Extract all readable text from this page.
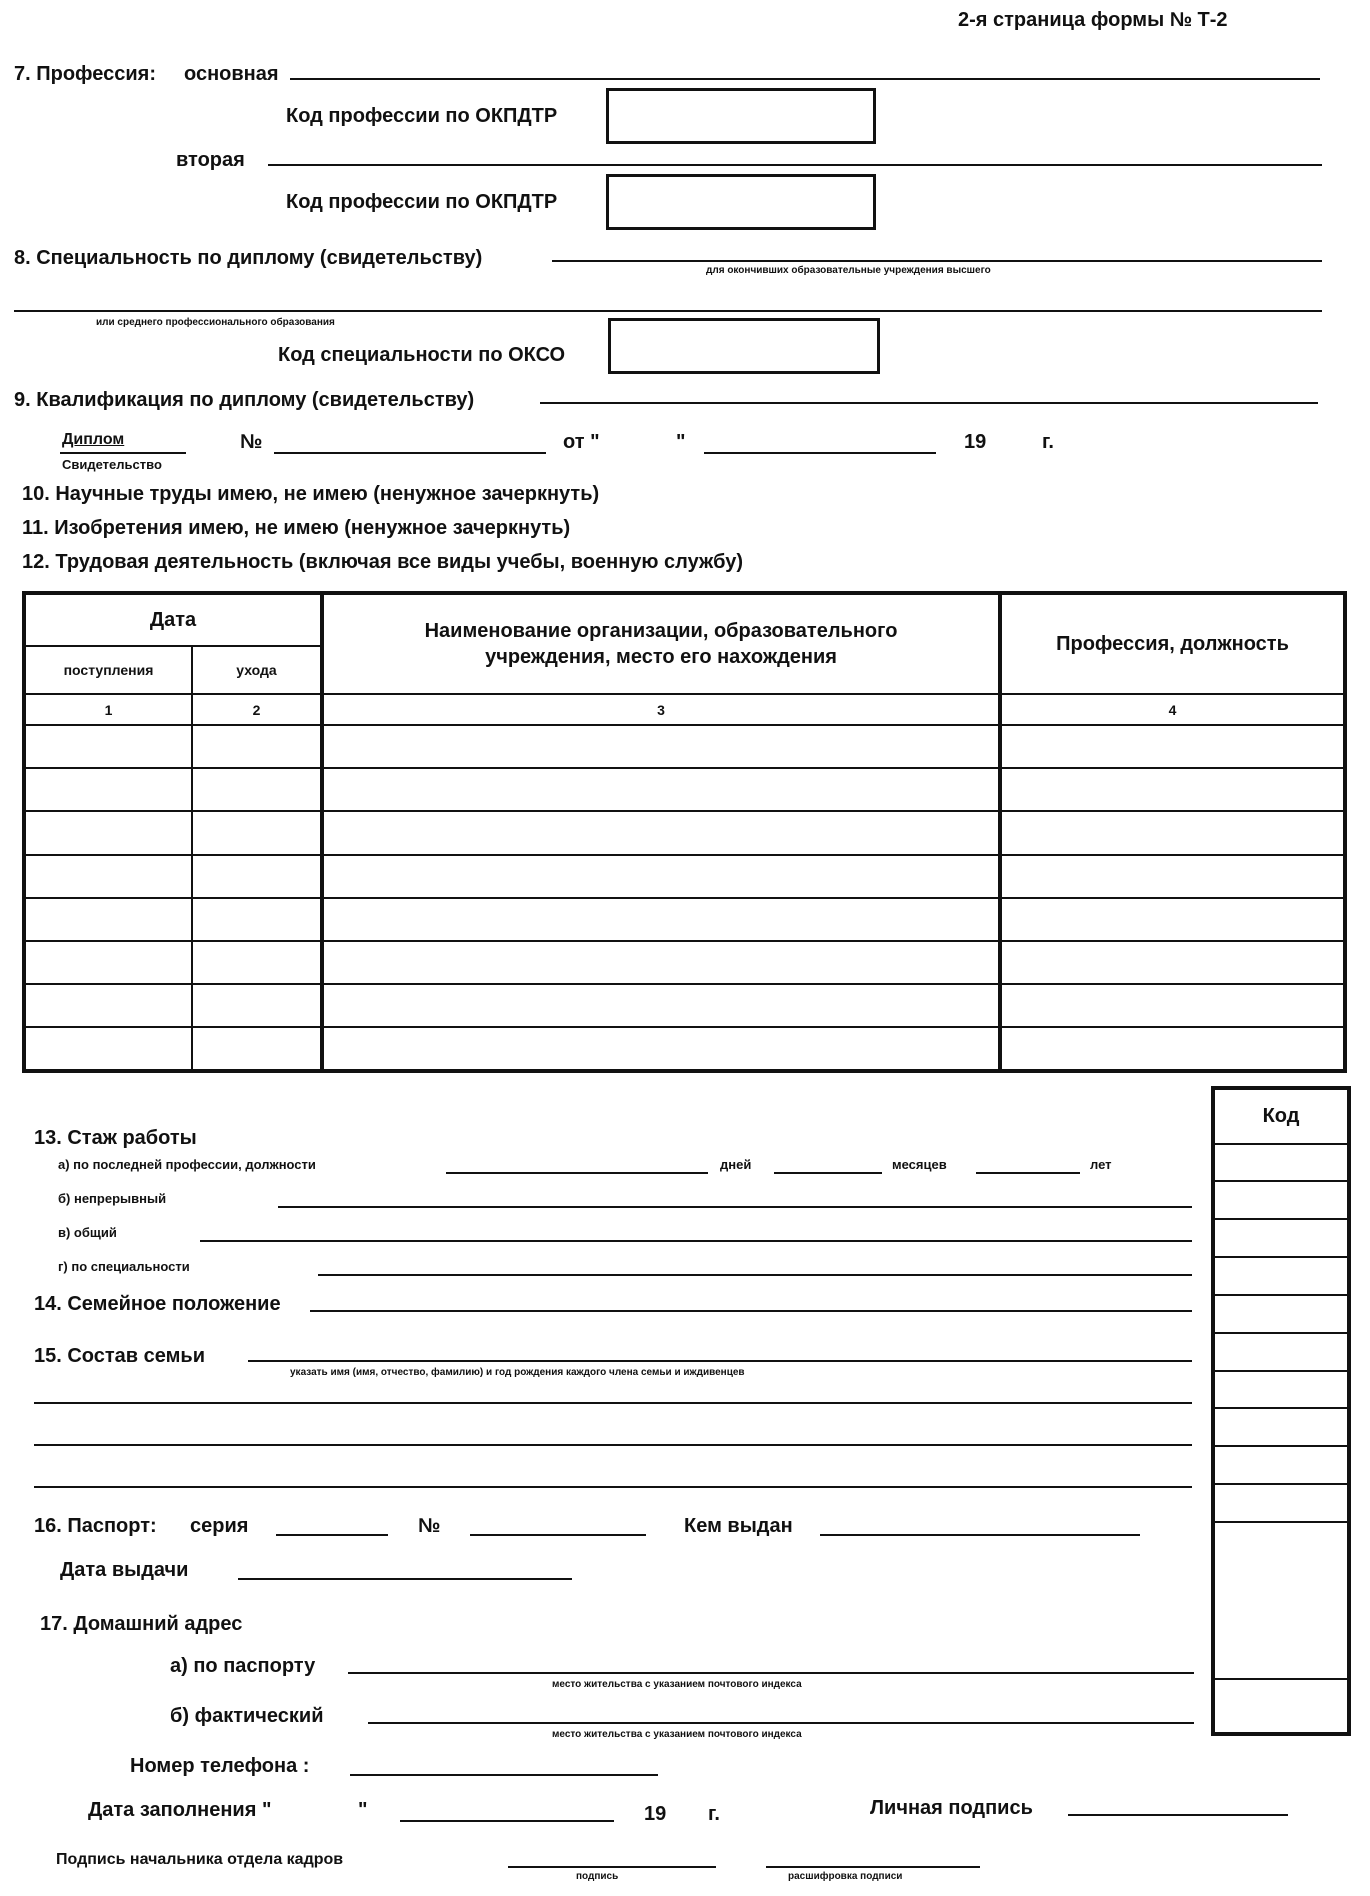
2-я страница формы № Т-2
7. Профессия: основная
Код профессии по ОКПДТР
вторая
Код профессии по ОКПДТР
8. Специальность по диплому (свидетельству)
для окончивших образовательные учреждения высшего
или среднего профессионального образования
Код специальности по ОКСО
9. Квалификация по диплому (свидетельству)
Диплом
Свидетельство
№	от "	"	19	г.
10. Научные труды имею, не имею (ненужное зачеркнуть)
11. Изобретения имею, не имею (ненужное зачеркнуть)
12. Трудовая деятельность (включая все виды учебы, военную службу)
Дата		Наименование организации, образовательного учреждения, место его нахождения	Профессия, должность
поступления	ухода		
1	2	3	4

Код

13. Стаж работы
а) по последней профессии, должности	дней	месяцев	лет
б) непрерывный
в) общий
г) по специальности
14. Семейное положение
15. Состав семьи
указать имя (имя, отчество, фамилию) и год рождения каждого члена семьи и иждивенцев
16. Паспорт: серия	№	Кем выдан
Дата выдачи
17. Домашний адрес
а) по паспорту
место жительства с указанием почтового индекса
б) фактический
место жительства с указанием почтового индекса
Номер телефона :
Дата заполнения "	"	19 г.	Личная подпись
Подпись начальника отдела кадров
подпись	расшифровка подписи
